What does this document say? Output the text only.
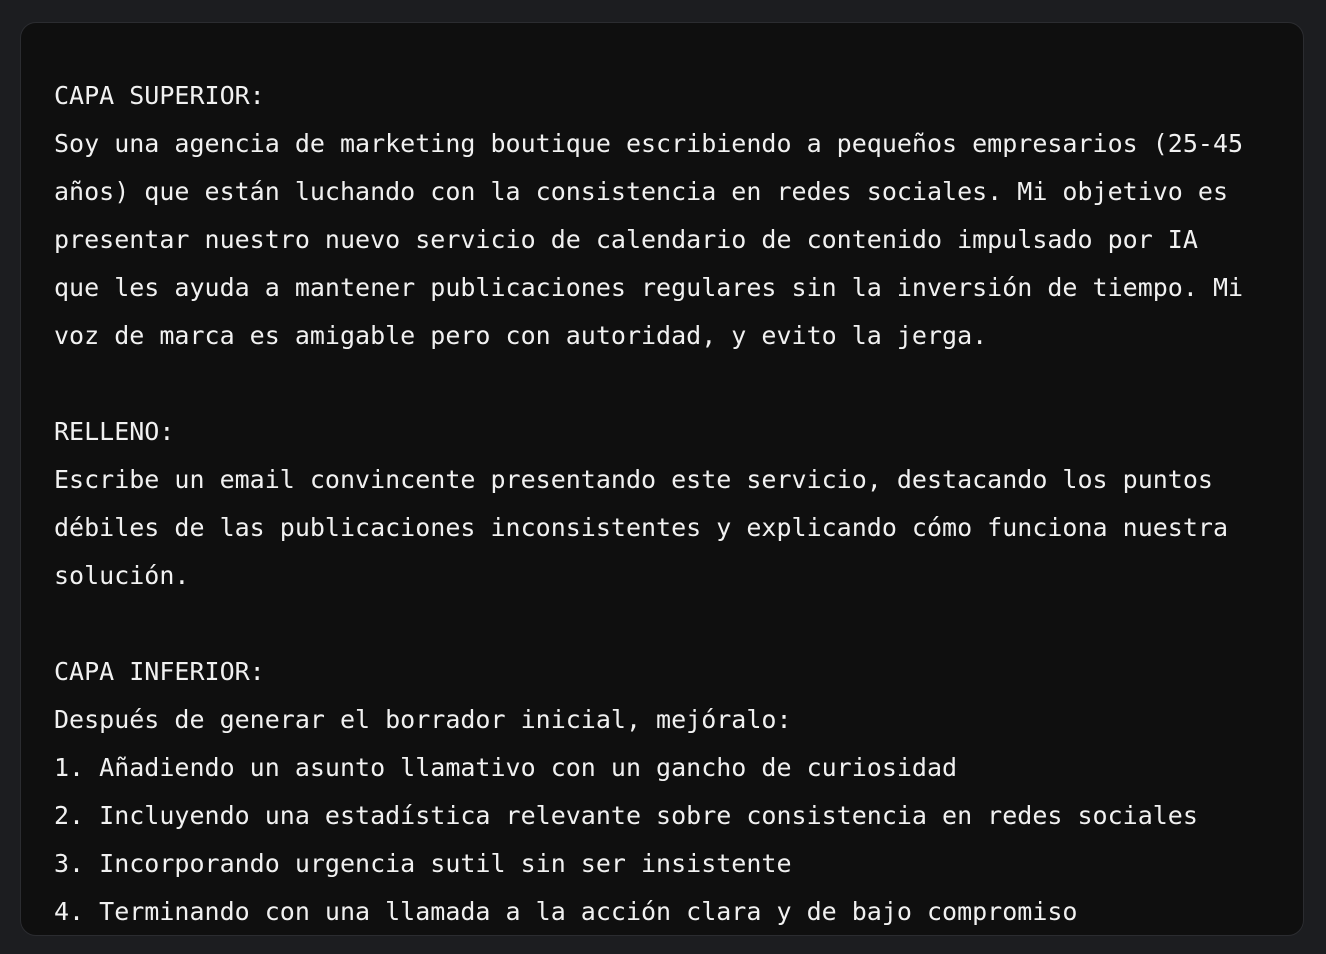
CAPA SUPERIOR:
Soy una agencia de marketing boutique escribiendo a pequeños empresarios (25-45
años) que están luchando con la consistencia en redes sociales. Mi objetivo es
presentar nuestro nuevo servicio de calendario de contenido impulsado por IA
que les ayuda a mantener publicaciones regulares sin la inversión de tiempo. Mi
voz de marca es amigable pero con autoridad, y evito la jerga.
RELLENO:
Escribe un email convincente presentando este servicio, destacando los puntos
débiles de las publicaciones inconsistentes y explicando cómo funciona nuestra
solución.
CAPA INFERIOR:
Después de generar el borrador inicial, mejóralo:
1. Añadiendo un asunto llamativo con un gancho de curiosidad
2. Incluyendo una estadística relevante sobre consistencia en redes sociales
3. Incorporando urgencia sutil sin ser insistente
4. Terminando con una llamada a la acción clara y de bajo compromiso
